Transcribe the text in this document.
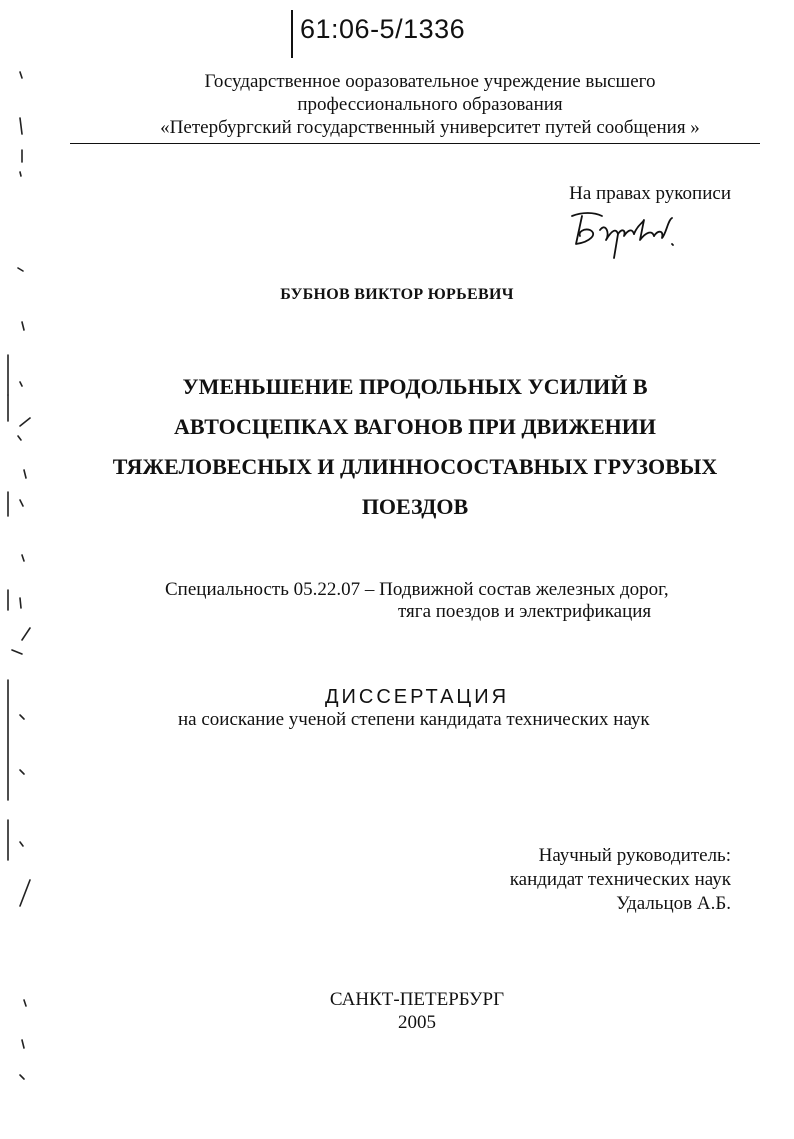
61:06-5/1336
Государственное ооразовательное учреждение высшего
профессионального образования
«Петербургский государственный университет путей сообщения »
На правах рукописи
БУБНОВ ВИКТОР ЮРЬЕВИЧ
УМЕНЬШЕНИЕ ПРОДОЛЬНЫХ УСИЛИЙ В
АВТОСЦЕПКАХ ВАГОНОВ ПРИ ДВИЖЕНИИ
ТЯЖЕЛОВЕСНЫХ И ДЛИННОСОСТАВНЫХ ГРУЗОВЫХ
ПОЕЗДОВ
Специальность 05.22.07 – Подвижной состав железных дорог,
тяга поездов и электрификация
ДИССЕРТАЦИЯ
на соискание ученой степени кандидата технических наук
Научный руководитель:
кандидат технических наук
Удальцов А.Б.
САНКТ-ПЕТЕРБУРГ
2005
